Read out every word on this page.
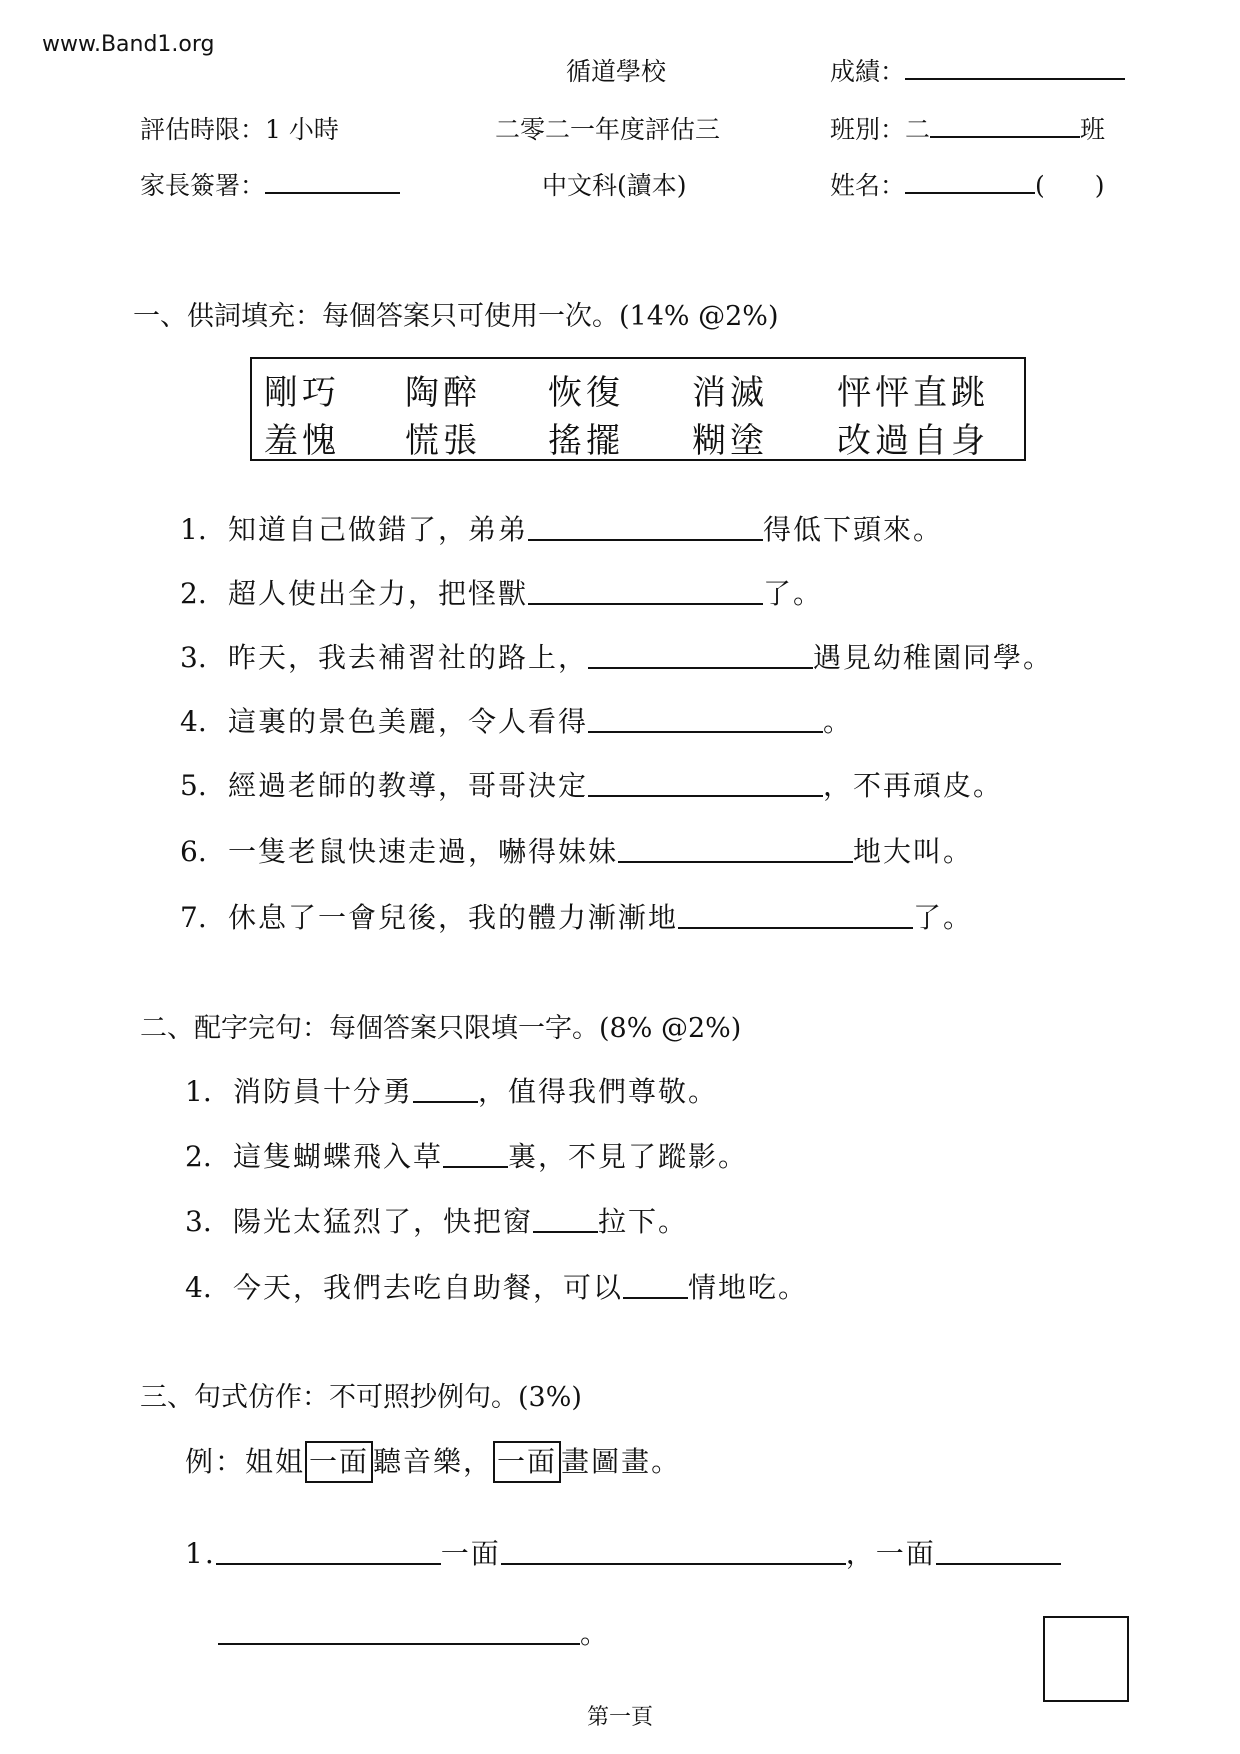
www.Band1.org
循道學校	成績：
評估時限：1 小時	二零二一年度評估三	班別：二	班
家長簽署：	中文科(讀本)	姓名：	(　　)
一、供詞填充：每個答案只可使用一次。(14% @2%)
剛巧 陶醉 恢復 消滅 怦怦直跳
羞愧 慌張 搖擺 糊塗 改過自身
1. 知道自己做錯了，弟弟	得低下頭來。
2. 超人使出全力，把怪獸	了。
3. 昨天，我去補習社的路上，	遇見幼稚園同學。
4. 這裏的景色美麗，令人看得	。
5. 經過老師的教導，哥哥決定	，不再頑皮。
6. 一隻老鼠快速走過，嚇得妹妹	地大叫。
7. 休息了一會兒後，我的體力漸漸地	了。
二、配字完句：每個答案只限填一字。(8% @2%)
1. 消防員十分勇 ，值得我們尊敬。
2. 這隻蝴蝶飛入草 裏，不見了蹤影。
3. 陽光太猛烈了，快把窗 拉下。
4. 今天，我們去吃自助餐，可以 情地吃。
三、句式仿作：不可照抄例句。(3%)
例：姐姐 一面 聽音樂， 一面 畫圖畫。
1.	一面	，一面
。
第一頁
